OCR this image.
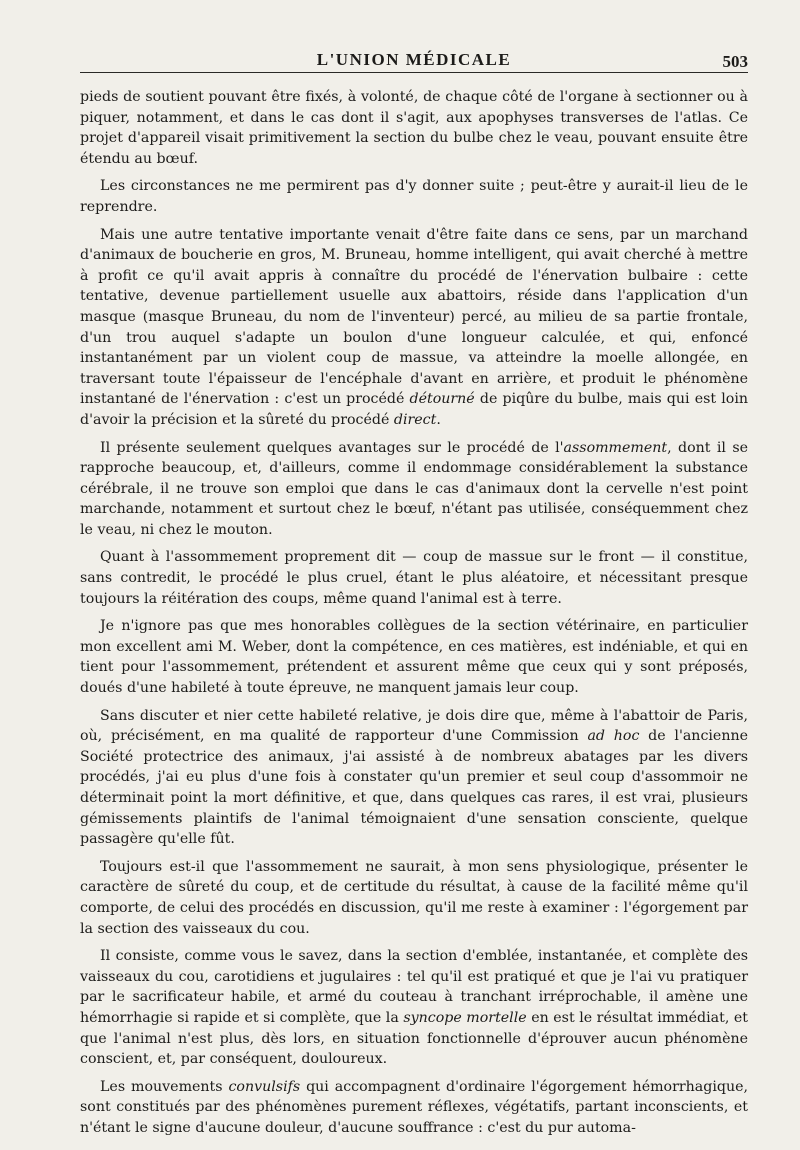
L'UNION MÉDICALE	503

pieds de soutient pouvant être fixés, à volonté, de chaque côté de l'organe à sectionner ou à piquer, notamment, et dans le cas dont il s'agit, aux apophyses transverses de l'atlas. Ce projet d'appareil visait primitivement la section du bulbe chez le veau, pouvant ensuite être étendu au bœuf.

Les circonstances ne me permirent pas d'y donner suite ; peut-être y aurait-il lieu de le reprendre.

Mais une autre tentative importante venait d'être faite dans ce sens, par un marchand d'animaux de boucherie en gros, M. Bruneau, homme intelligent, qui avait cherché à mettre à profit ce qu'il avait appris à connaître du procédé de l'énervation bulbaire : cette tentative, devenue partiellement usuelle aux abattoirs, réside dans l'application d'un masque (masque Bruneau, du nom de l'inventeur) percé, au milieu de sa partie frontale, d'un trou auquel s'adapte un boulon d'une longueur calculée, et qui, enfoncé instantanément par un violent coup de massue, va atteindre la moelle allongée, en traversant toute l'épaisseur de l'encéphale d'avant en arrière, et produit le phénomène instantané de l'énervation : c'est un procédé détourné de piqûre du bulbe, mais qui est loin d'avoir la précision et la sûreté du procédé direct.

Il présente seulement quelques avantages sur le procédé de l'assommement, dont il se rapproche beaucoup, et, d'ailleurs, comme il endommage considérablement la substance cérébrale, il ne trouve son emploi que dans le cas d'animaux dont la cervelle n'est point marchande, notamment et surtout chez le bœuf, n'étant pas utilisée, conséquemment chez le veau, ni chez le mouton.

Quant à l'assommement proprement dit — coup de massue sur le front — il constitue, sans contredit, le procédé le plus cruel, étant le plus aléatoire, et nécessitant presque toujours la réitération des coups, même quand l'animal est à terre.

Je n'ignore pas que mes honorables collègues de la section vétérinaire, en particulier mon excellent ami M. Weber, dont la compétence, en ces matières, est indéniable, et qui en tient pour l'assommement, prétendent et assurent même que ceux qui y sont préposés, doués d'une habileté à toute épreuve, ne manquent jamais leur coup.

Sans discuter et nier cette habileté relative, je dois dire que, même à l'abattoir de Paris, où, précisément, en ma qualité de rapporteur d'une Commission ad hoc de l'ancienne Société protectrice des animaux, j'ai assisté à de nombreux abatages par les divers procédés, j'ai eu plus d'une fois à constater qu'un premier et seul coup d'assommoir ne déterminait point la mort définitive, et que, dans quelques cas rares, il est vrai, plusieurs gémissements plaintifs de l'animal témoignaient d'une sensation consciente, quelque passagère qu'elle fût.

Toujours est-il que l'assommement ne saurait, à mon sens physiologique, présenter le caractère de sûreté du coup, et de certitude du résultat, à cause de la facilité même qu'il comporte, de celui des procédés en discussion, qu'il me reste à examiner : l'égorgement par la section des vaisseaux du cou.

Il consiste, comme vous le savez, dans la section d'emblée, instantanée, et complète des vaisseaux du cou, carotidiens et jugulaires : tel qu'il est pratiqué et que je l'ai vu pratiquer par le sacrificateur habile, et armé du couteau à tranchant irréprochable, il amène une hémorrhagie si rapide et si complète, que la syncope mortelle en est le résultat immédiat, et que l'animal n'est plus, dès lors, en situation fonctionnelle d'éprouver aucun phénomène conscient, et, par conséquent, douloureux.

Les mouvements convulsifs qui accompagnent d'ordinaire l'égorgement hémorrhagique, sont constitués par des phénomènes purement réflexes, végétatifs, partant inconscients, et n'étant le signe d'aucune douleur, d'aucune souffrance : c'est du pur automa-
